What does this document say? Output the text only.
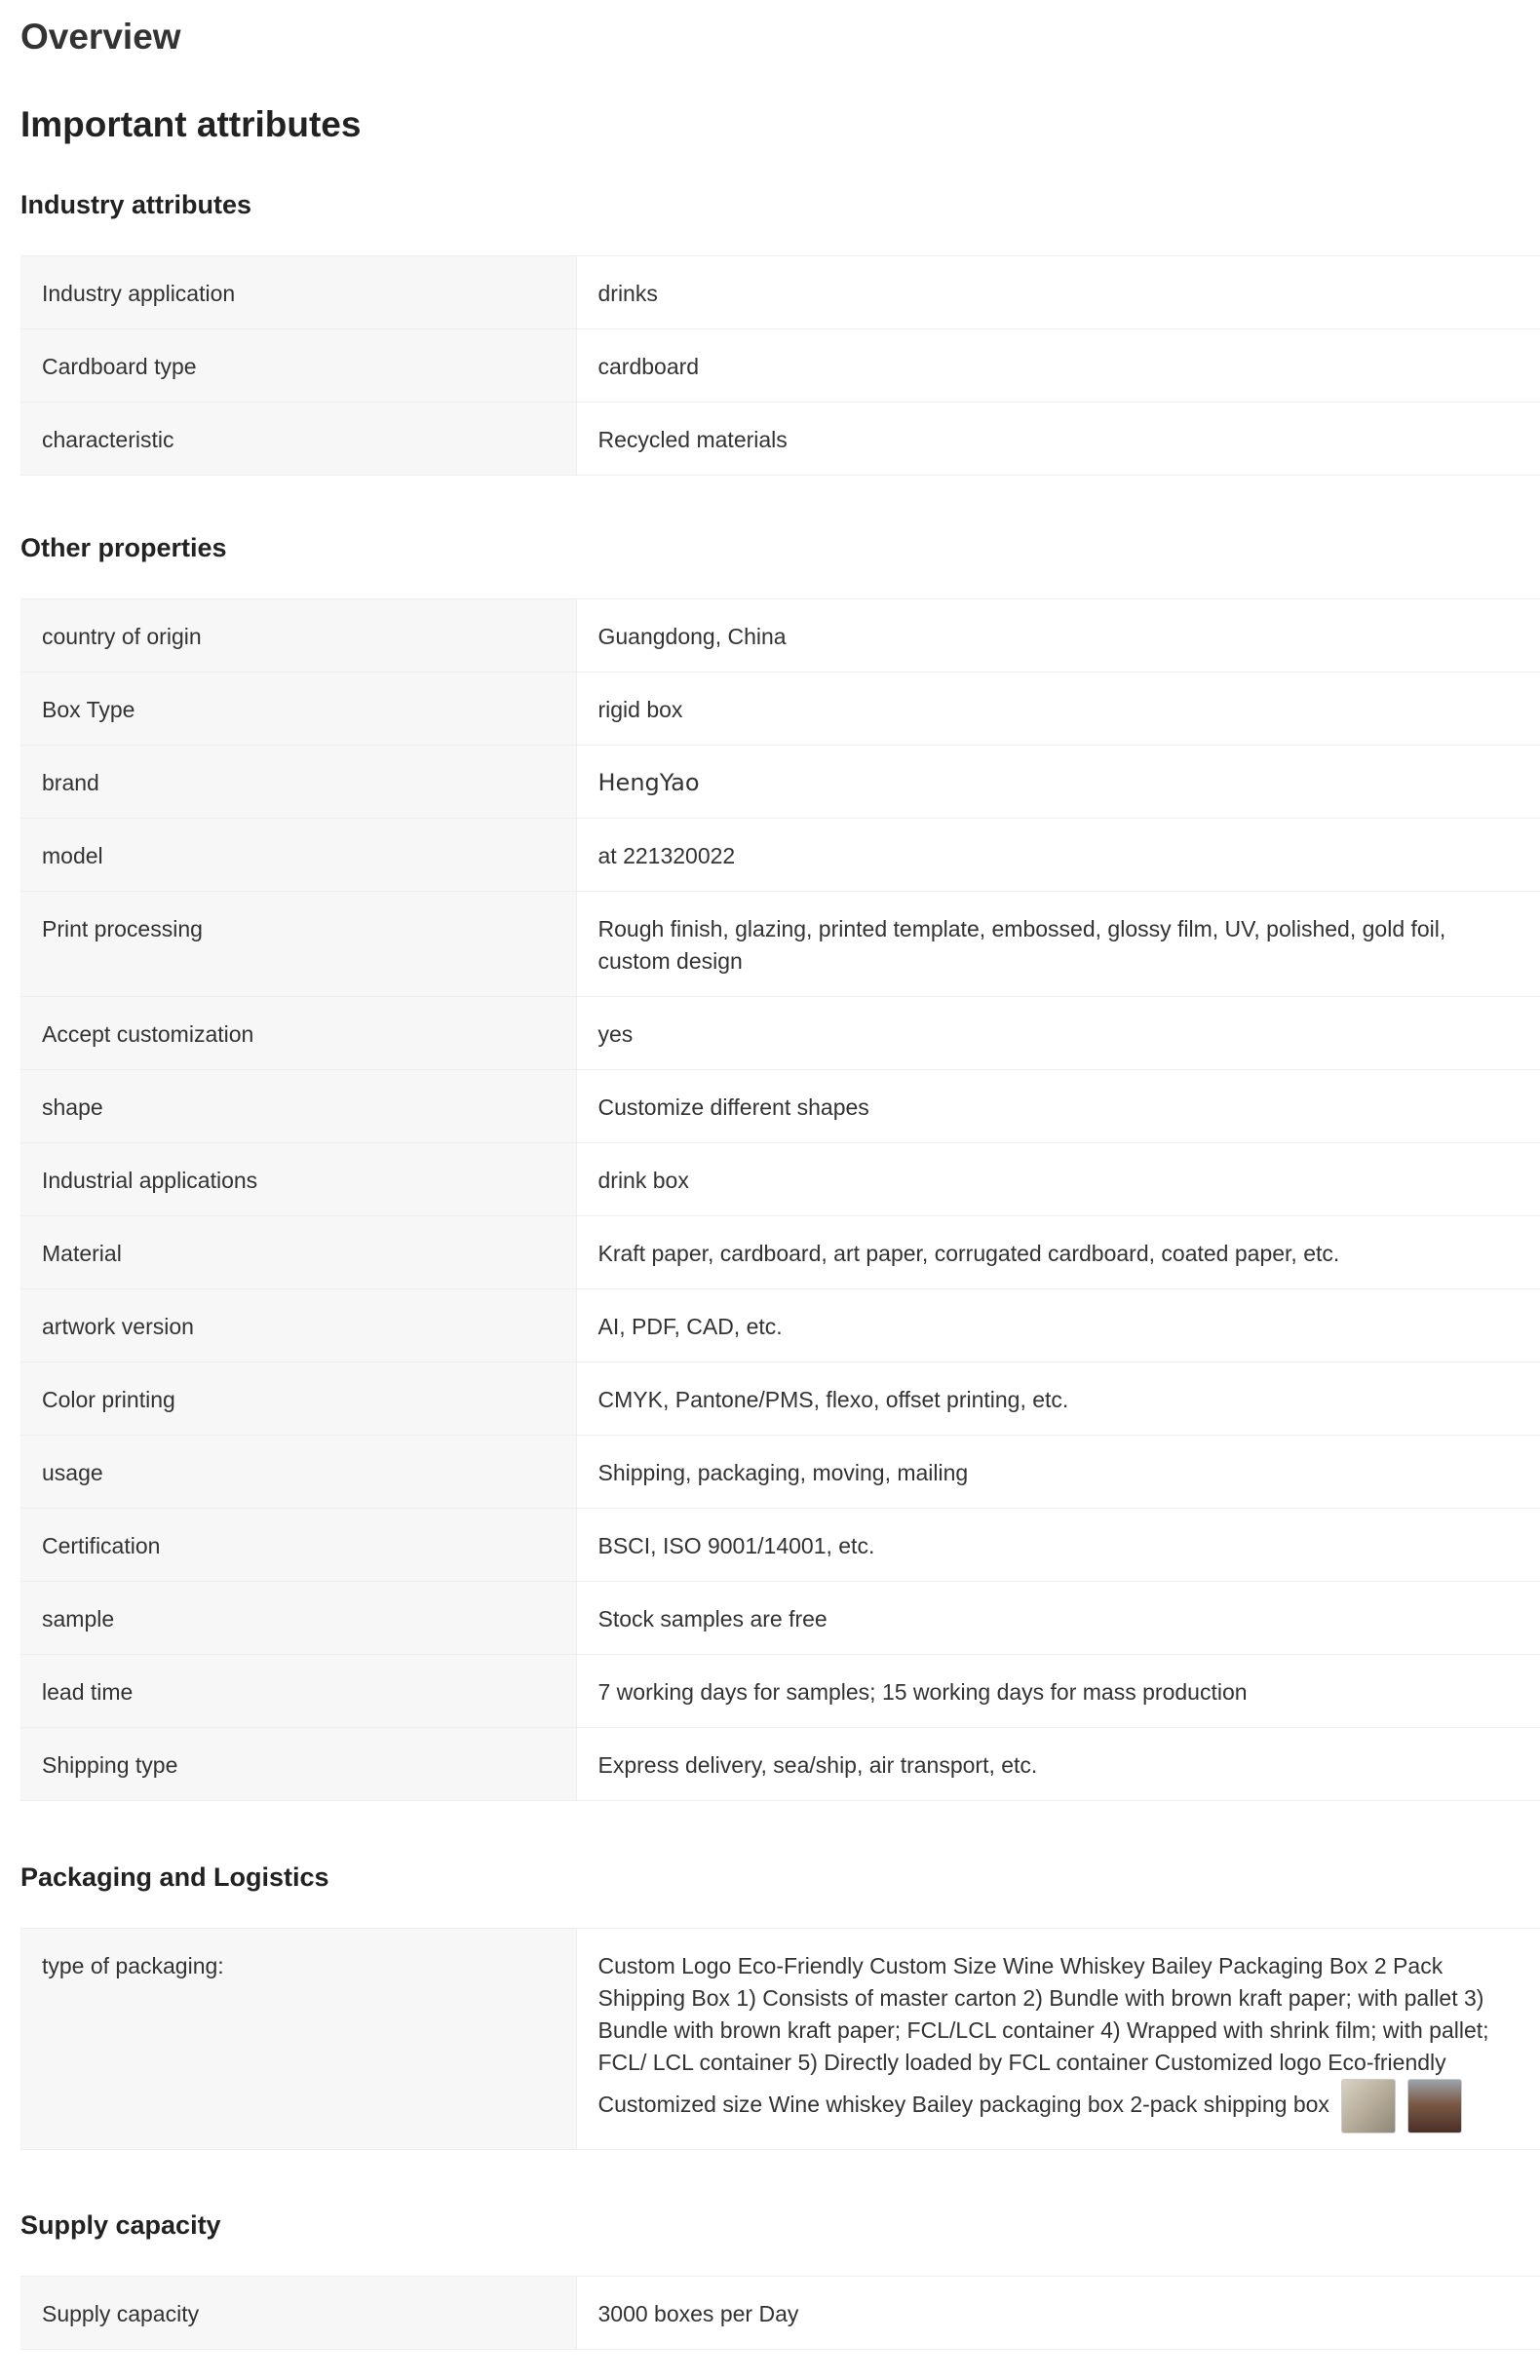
Overview
Important attributes
Industry attributes
Industry application	drinks
Cardboard type	cardboard
characteristic	Recycled materials
Other properties
country of origin	Guangdong, China
Box Type	rigid box
brand	HengYao
model	at 221320022
Print processing	Rough finish, glazing, printed template, embossed, glossy film, UV, polished, gold foil, custom design
Accept customization	yes
shape	Customize different shapes
Industrial applications	drink box
Material	Kraft paper, cardboard, art paper, corrugated cardboard, coated paper, etc.
artwork version	AI, PDF, CAD, etc.
Color printing	CMYK, Pantone/PMS, flexo, offset printing, etc.
usage	Shipping, packaging, moving, mailing
Certification	BSCI, ISO 9001/14001, etc.
sample	Stock samples are free
lead time	7 working days for samples; 15 working days for mass production
Shipping type	Express delivery, sea/ship, air transport, etc.
Packaging and Logistics
type of packaging:	Custom Logo Eco-Friendly Custom Size Wine Whiskey Bailey Packaging Box 2 Pack Shipping Box 1) Consists of master carton 2) Bundle with brown kraft paper; with pallet 3) Bundle with brown kraft paper; FCL/LCL container 4) Wrapped with shrink film; with pallet; FCL/ LCL container 5) Directly loaded by FCL container Customized logo Eco-friendly Customized size Wine whiskey Bailey packaging box 2-pack shipping box
Supply capacity
Supply capacity	3000 boxes per Day
